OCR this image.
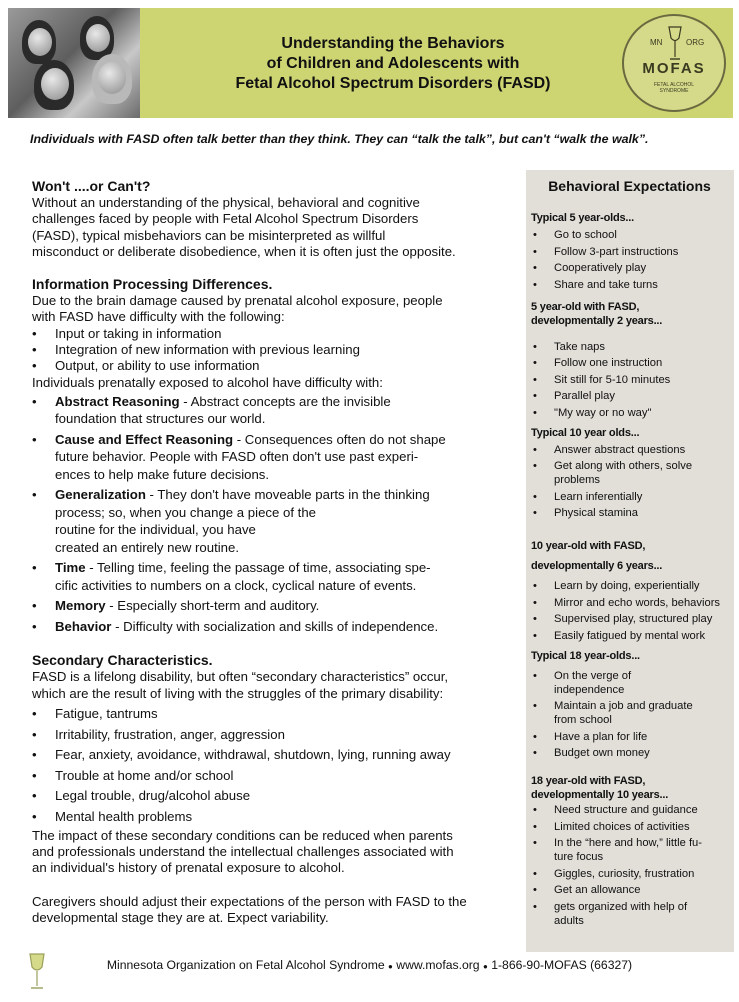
Understanding the Behaviors
of Children and Adolescents with
Fetal Alcohol Spectrum Disorders (FASD)
MN	ORG
MOFAS
FETAL ALCOHOL
SYNDROME
Individuals with FASD often talk better than they think. They can “talk the talk”, but can't “walk the walk”.
Won't ....or Can't?
Without an understanding of the physical, behavioral and cognitive
challenges faced by people with Fetal Alcohol Spectrum Disorders
(FASD), typical misbehaviors can be misinterpreted as willful
misconduct or deliberate disobedience, when it is often just the opposite.
Information Processing Differences.
Due to the brain damage caused by prenatal alcohol exposure, people
with FASD have difficulty with the following:
• Input or taking in information
• Integration of new information with previous learning
• Output, or ability to use information
Individuals prenatally exposed to alcohol have difficulty with:
• Abstract Reasoning - Abstract concepts are the invisible
foundation that structures our world.
• Cause and Effect Reasoning - Consequences often do not shape
future behavior. People with FASD often don't use past experi-
ences to help make future decisions.
• Generalization - They don't have moveable parts in the thinking
process; so, when you change a piece of the
routine for the individual, you have
created an entirely new routine.
• Time - Telling time, feeling the passage of time, associating spe-
cific activities to numbers on a clock, cyclical nature of events.
• Memory - Especially short-term and auditory.
• Behavior - Difficulty with socialization and skills of independence.
Secondary Characteristics.
FASD is a lifelong disability, but often “secondary characteristics” occur,
which are the result of living with the struggles of the primary disability:
• Fatigue, tantrums
• Irritability, frustration, anger, aggression
• Fear, anxiety, avoidance, withdrawal, shutdown, lying, running away
• Trouble at home and/or school
• Legal trouble, drug/alcohol abuse
• Mental health problems
The impact of these secondary conditions can be reduced when parents
and professionals understand the intellectual challenges associated with
an individual's history of prenatal exposure to alcohol.
Caregivers should adjust their expectations of the person with FASD to the
developmental stage they are at. Expect variability.
Behavioral Expectations
Typical 5 year-olds...
• Go to school
• Follow 3-part instructions
• Cooperatively play
• Share and take turns
5 year-old with FASD,
developmentally 2 years...
• Take naps
• Follow one instruction
• Sit still for 5-10 minutes
• Parallel play
• "My way or no way"
Typical 10 year olds...
• Answer abstract questions
• Get along with others, solve problems
• Learn inferentially
• Physical stamina
10 year-old with FASD,
developmentally 6 years...
• Learn by doing, experientially
• Mirror and echo words, behaviors
• Supervised play, structured play
• Easily fatigued by mental work
Typical 18 year-olds...
• On the verge of independence
• Maintain a job and graduate from school
• Have a plan for life
• Budget own money
18 year-old with FASD,
developmentally 10 years...
• Need structure and guidance
• Limited choices of activities
• In the “here and how,” little fu-ture focus
• Giggles, curiosity, frustration
• Get an allowance
• gets organized with help of adults
Minnesota Organization on Fetal Alcohol Syndrome ● www.mofas.org ● 1-866-90-MOFAS (66327)
